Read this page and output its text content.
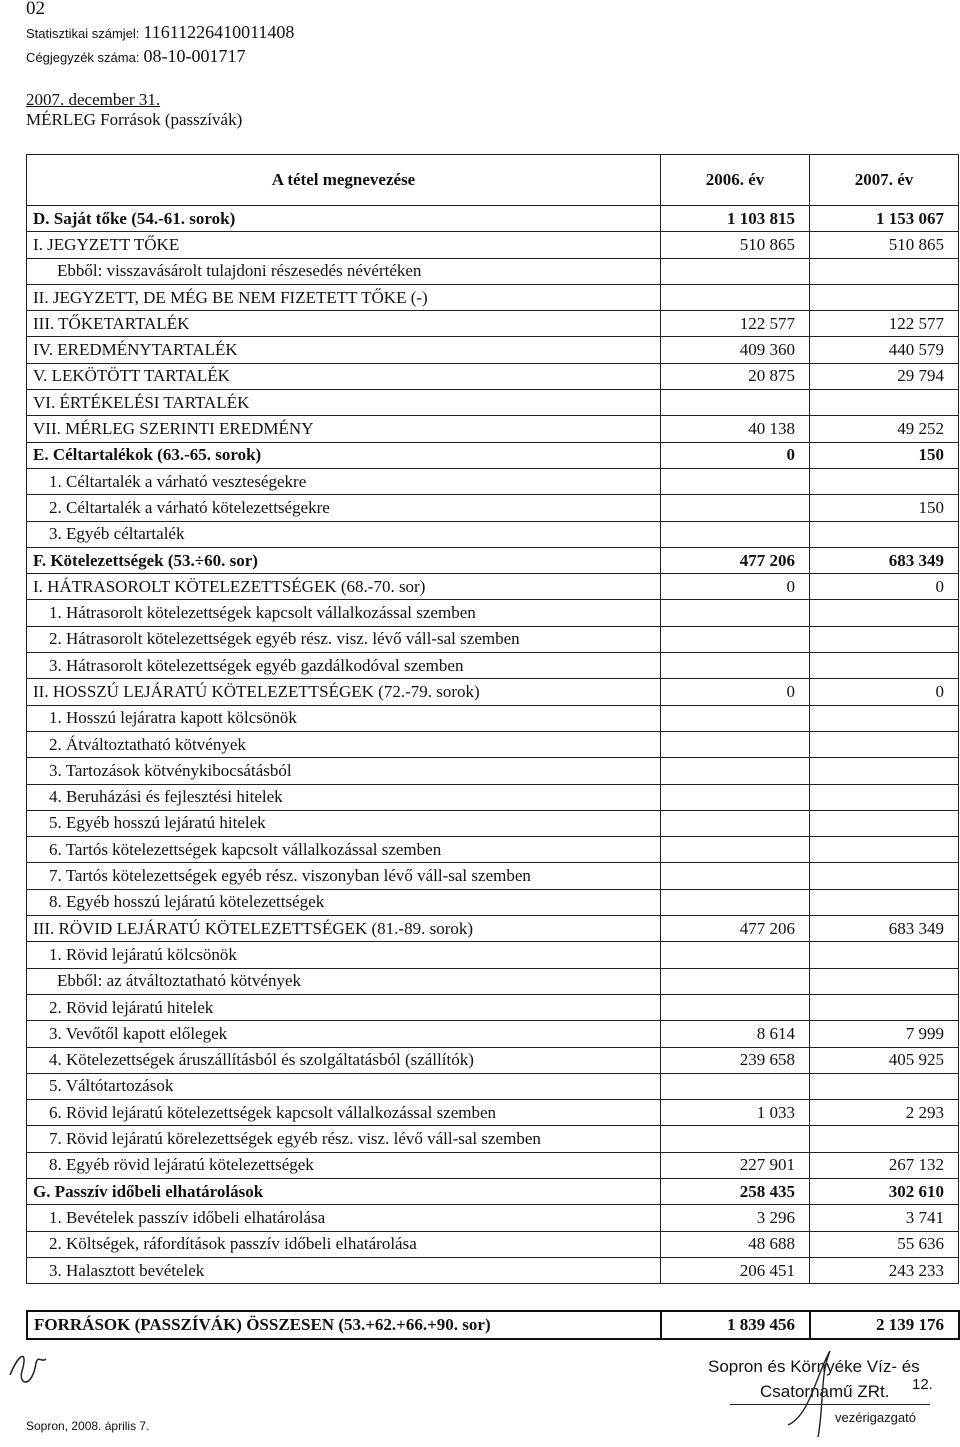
02
Statisztikai számjel: 11611226410011408
Cégjegyzék száma: 08-10-001717
2007. december 31.
MÉRLEG Források (passzívák)
A tétel megnevezése	2006. év	2007. év
D. Saját tőke (54.-61. sorok)	1 103 815	1 153 067
I. JEGYZETT TŐKE	510 865	510 865
Ebből: visszavásárolt tulajdoni részesedés névértéken		
II. JEGYZETT, DE MÉG BE NEM FIZETETT TŐKE (-)		
III. TŐKETARTALÉK	122 577	122 577
IV. EREDMÉNYTARTALÉK	409 360	440 579
V. LEKÖTÖTT TARTALÉK	20 875	29 794
VI. ÉRTÉKELÉSI TARTALÉK		
VII. MÉRLEG SZERINTI EREDMÉNY	40 138	49 252
E. Céltartalékok (63.-65. sorok)	0	150
1. Céltartalék a várható veszteségekre		
2. Céltartalék a várható kötelezettségekre		150
3. Egyéb céltartalék		
F. Kötelezettségek (53.÷60. sor)	477 206	683 349
I. HÁTRASOROLT KÖTELEZETTSÉGEK (68.-70. sor)	0	0
1. Hátrasorolt kötelezettségek kapcsolt vállalkozással szemben		
2. Hátrasorolt kötelezettségek egyéb rész. visz. lévő váll-sal szemben		
3. Hátrasorolt kötelezettségek egyéb gazdálkodóval szemben		
II. HOSSZÚ LEJÁRATÚ KÖTELEZETTSÉGEK (72.-79. sorok)	0	0
1. Hosszú lejáratra kapott kölcsönök		
2. Átváltoztatható kötvények		
3. Tartozások kötvénykibocsátásból		
4. Beruházási és fejlesztési hitelek		
5. Egyéb hosszú lejáratú hitelek		
6. Tartós kötelezettségek kapcsolt vállalkozással szemben		
7. Tartós kötelezettségek egyéb rész. viszonyban lévő váll-sal szemben		
8. Egyéb hosszú lejáratú kötelezettségek		
III. RÖVID LEJÁRATÚ KÖTELEZETTSÉGEK (81.-89. sorok)	477 206	683 349
1. Rövid lejáratú kölcsönök		
Ebből: az átváltoztatható kötvények		
2. Rövid lejáratú hitelek		
3. Vevőtől kapott előlegek	8 614	7 999
4. Kötelezettségek áruszállításból és szolgáltatásból (szállítók)	239 658	405 925
5. Váltótartozások		
6. Rövid lejáratú kötelezettségek kapcsolt vállalkozással szemben	1 033	2 293
7. Rövid lejáratú körelezettségek egyéb rész. visz. lévő váll-sal szemben		
8. Egyéb rövid lejáratú kötelezettségek	227 901	267 132
G. Passzív időbeli elhatárolások	258 435	302 610
1. Bevételek passzív időbeli elhatárolása	3 296	3 741
2. Költségek, ráfordítások passzív időbeli elhatárolása	48 688	55 636
3. Halasztott bevételek	206 451	243 233
FORRÁSOK (PASSZÍVÁK) ÖSSZESEN (53.+62.+66.+90. sor)	1 839 456	2 139 176
Sopron, 2008. április 7.
Sopron és Környéke Víz- és
Csatornamű ZRt. 12.
vezérigazgató
